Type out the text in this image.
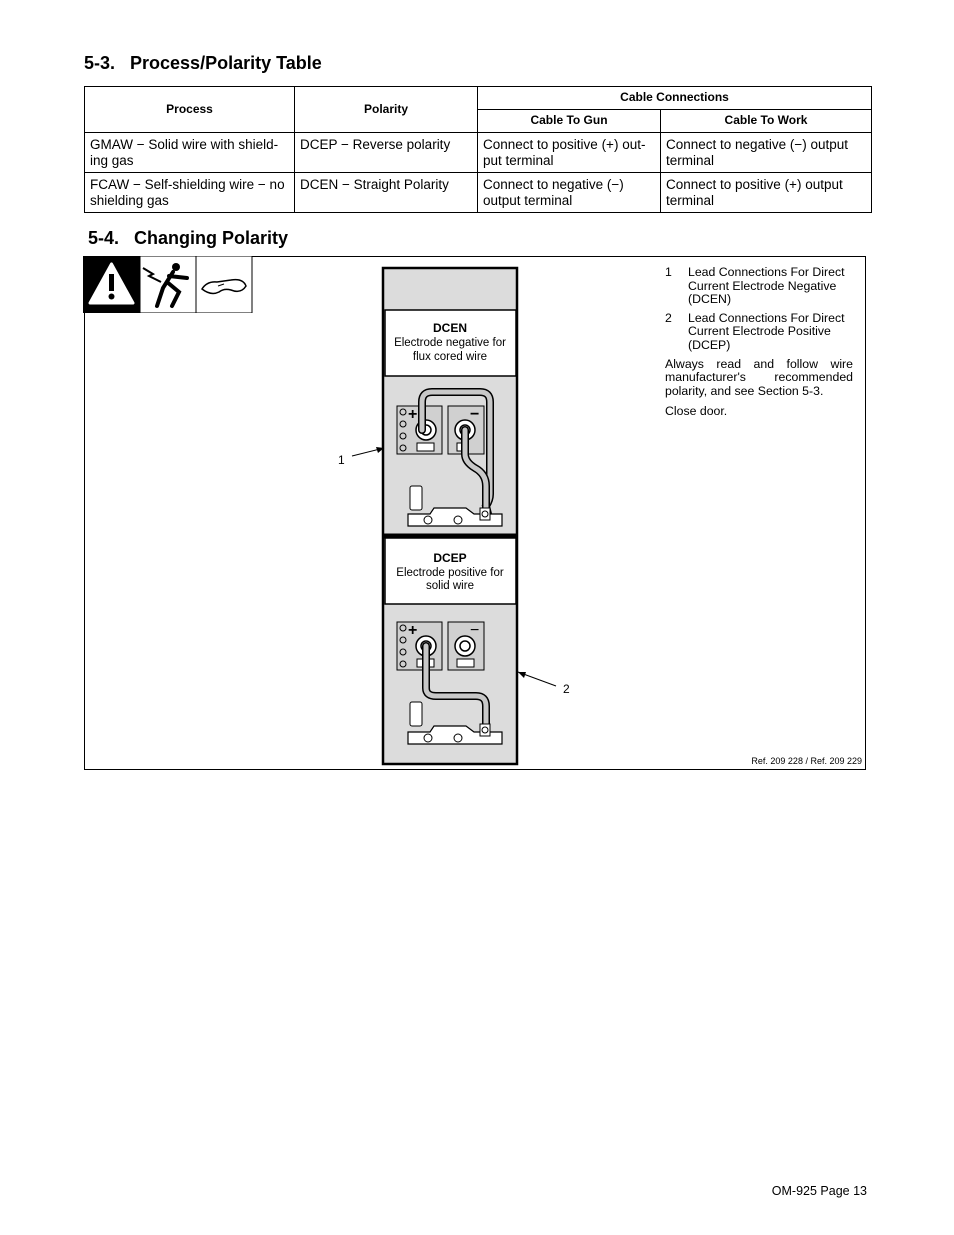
5-3.   Process/Polarity Table
Process	Polarity	Cable Connections	
		Cable To Gun	Cable To Work
GMAW − Solid wire with shield-ing gas	DCEP − Reverse polarity	Connect to positive (+) out-put terminal	Connect to negative (−) output terminal
FCAW − Self-shielding wire − no shielding gas	DCEN − Straight Polarity	Connect to negative (−) output terminal	Connect to positive (+) output terminal
5-4.   Changing Polarity
DCEN
Electrode negative for
flux cored wire
+	−
DCEP
Electrode positive for
solid wire
+	−
1
2
1	Lead Connections For Direct Current Electrode Negative (DCEN)
2	Lead Connections For Direct Current Electrode Positive (DCEP)

Always read and follow wire manufacturer's recommended polarity, and see Section 5-3.

Close door.

Ref. 209 228 / Ref. 209 229
OM-925 Page 13
